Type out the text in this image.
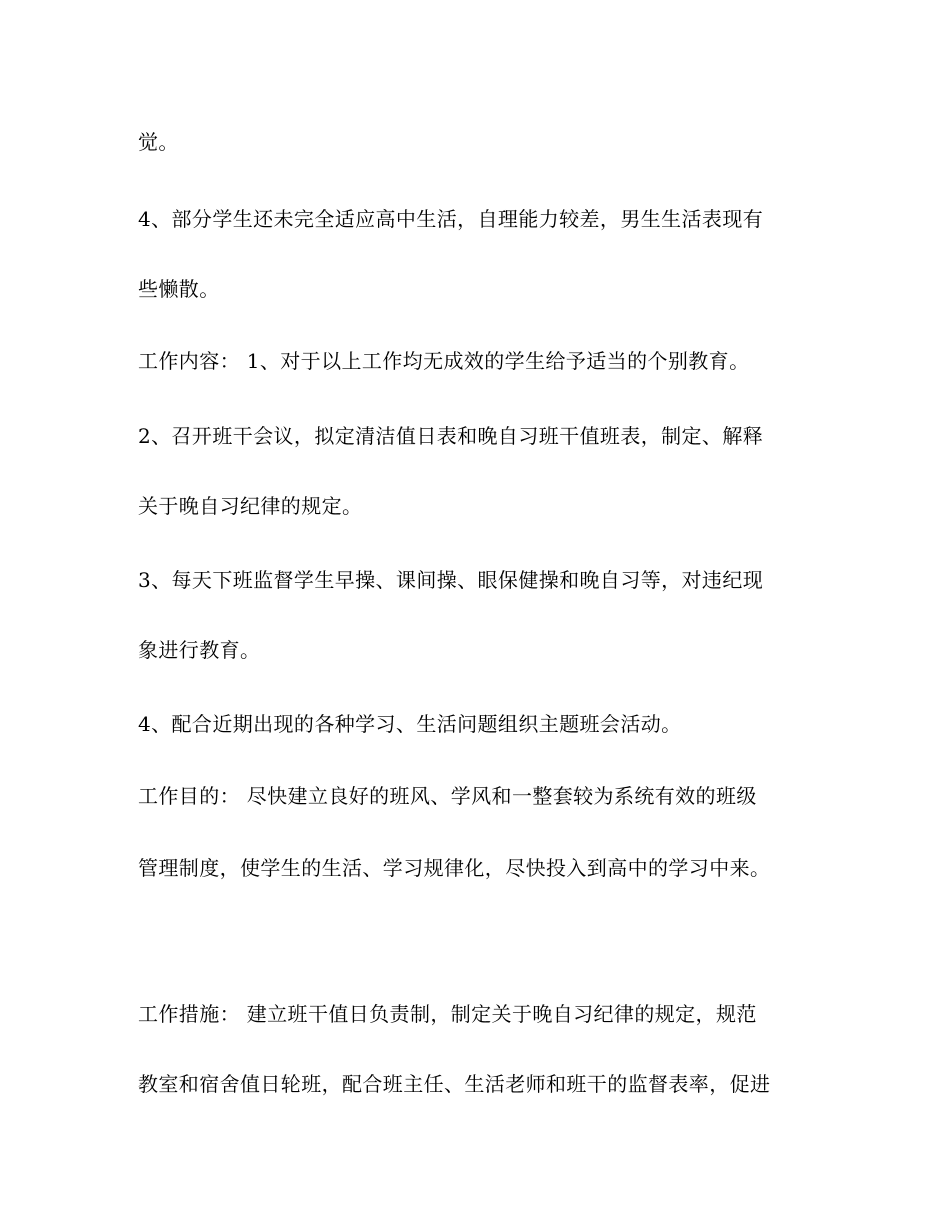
觉。
4、部分学生还未完全适应高中生活，自理能力较差，男生生活表现有
些懒散。
工作内容： 1、对于以上工作均无成效的学生给予适当的个别教育。
2、召开班干会议，拟定清洁值日表和晚自习班干值班表，制定、解释
关于晚自习纪律的规定。
3、每天下班监督学生早操、课间操、眼保健操和晚自习等，对违纪现
象进行教育。
4、配合近期出现的各种学习、生活问题组织主题班会活动。
工作目的： 尽快建立良好的班风、学风和一整套较为系统有效的班级
管理制度，使学生的生活、学习规律化，尽快投入到高中的学习中来。
工作措施： 建立班干值日负责制，制定关于晚自习纪律的规定，规范
教室和宿舍值日轮班，配合班主任、生活老师和班干的监督表率，促进
